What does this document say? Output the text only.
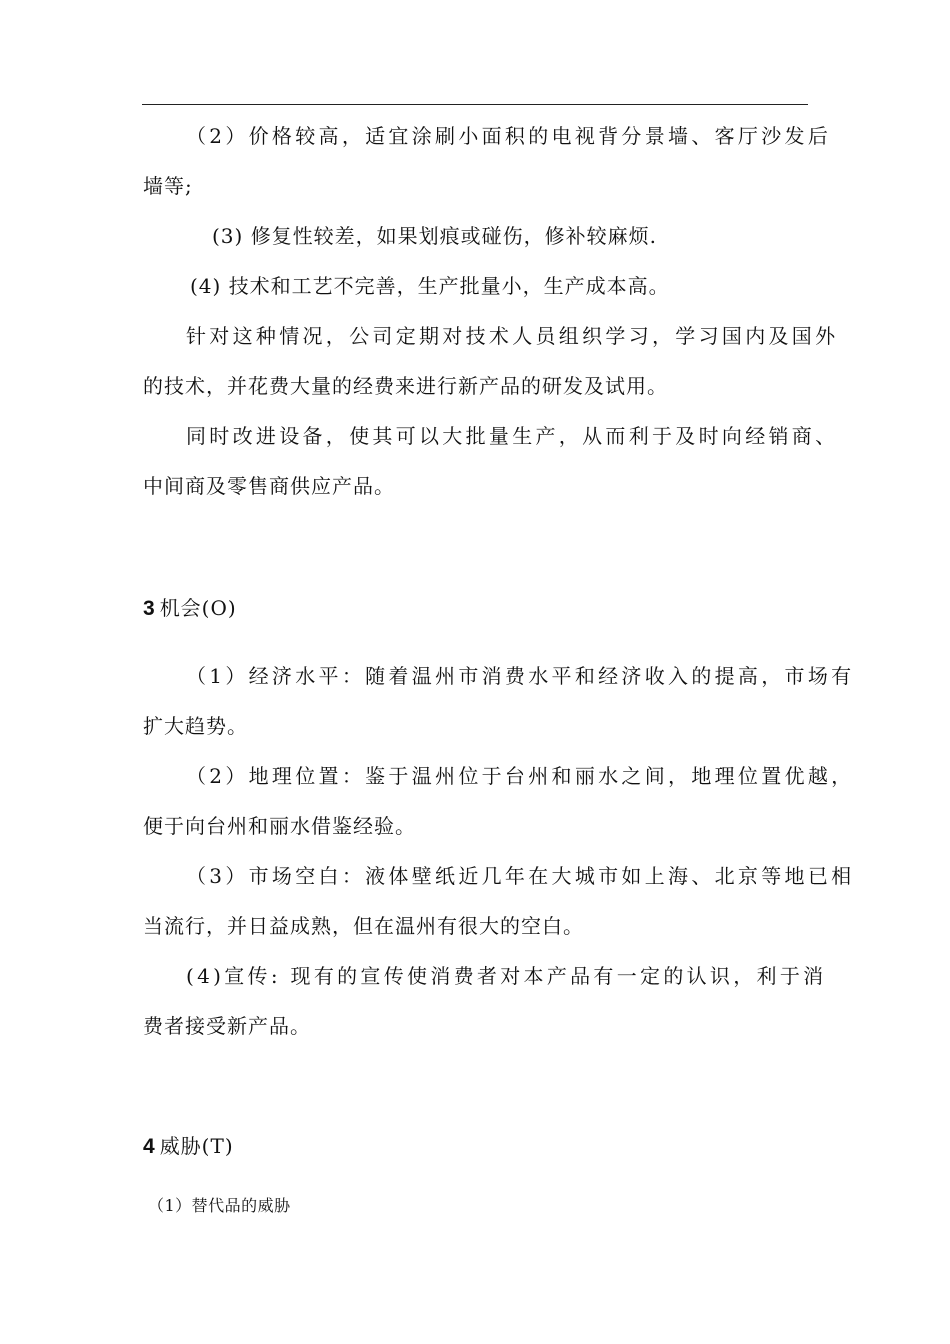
（2）价格较高，适宜涂刷小面积的电视背分景墙、客厅沙发后
墙等;
(3) 修复性较差，如果划痕或碰伤，修补较麻烦.
(4) 技术和工艺不完善，生产批量小，生产成本高。
针对这种情况，公司定期对技术人员组织学习，学习国内及国外
的技术，并花费大量的经费来进行新产品的研发及试用。
同时改进设备，使其可以大批量生产，从而利于及时向经销商、
中间商及零售商供应产品。
3 机会(O)
（1）经济水平：随着温州市消费水平和经济收入的提高，市场有
扩大趋势。
（2）地理位置：鉴于温州位于台州和丽水之间，地理位置优越，
便于向台州和丽水借鉴经验。
（3）市场空白：液体壁纸近几年在大城市如上海、北京等地已相
当流行，并日益成熟，但在温州有很大的空白。
(4)宣传: 现有的宣传使消费者对本产品有一定的认识，利于消
费者接受新产品。
4 威胁(T)
（1）替代品的威胁
